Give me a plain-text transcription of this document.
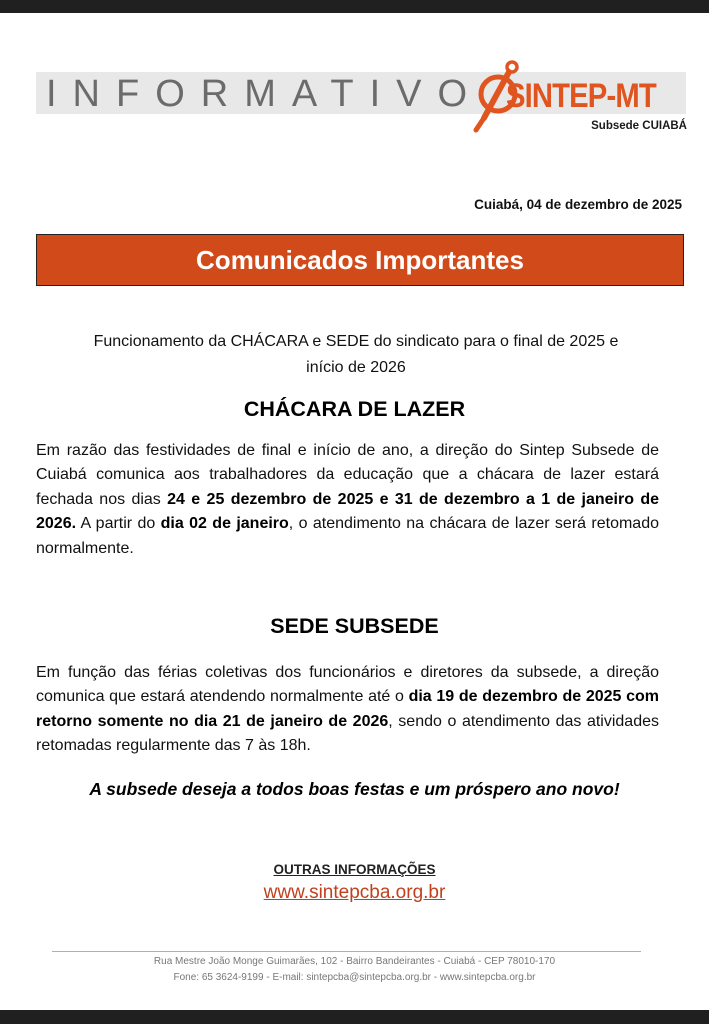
INFORMATIVO SINTEP-MT
Subsede CUIABÁ
Cuiabá, 04 de dezembro de 2025
Comunicados Importantes
Funcionamento da CHÁCARA e SEDE do sindicato para o final de 2025 e
início de 2026
CHÁCARA DE LAZER
Em razão das festividades de final e início de ano, a direção do Sintep Subsede de Cuiabá comunica aos trabalhadores da educação que a chácara de lazer estará fechada nos dias 24 e 25 dezembro de 2025 e 31 de dezembro a 1 de janeiro de 2026. A partir do dia 02 de janeiro, o atendimento na chácara de lazer será retomado normalmente.
SEDE SUBSEDE
Em função das férias coletivas dos funcionários e diretores da subsede, a direção comunica que estará atendendo normalmente até o dia 19 de dezembro de 2025 com retorno somente no dia 21 de janeiro de 2026, sendo o atendimento das atividades retomadas regularmente das 7 às 18h.
A subsede deseja a todos boas festas e um próspero ano novo!
OUTRAS INFORMAÇÕES
www.sintepcba.org.br
Rua Mestre João Monge Guimarães, 102 - Bairro Bandeirantes - Cuiabá - CEP 78010-170
Fone: 65 3624-9199 - E-mail: sintepcba@sintepcba.org.br - www.sintepcba.org.br
